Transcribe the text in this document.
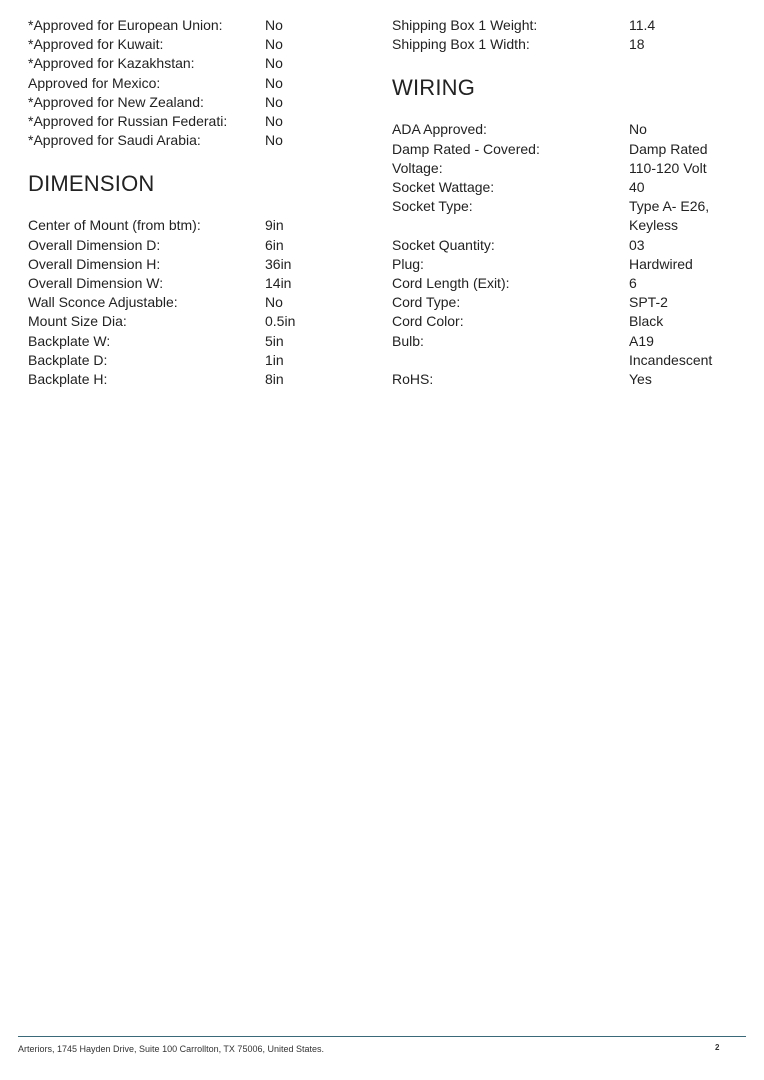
*Approved for European Union:	No
*Approved for Kuwait:	No
*Approved for Kazakhstan:	No
Approved for Mexico:	No
*Approved for New Zealand:	No
*Approved for Russian Federati:	No
*Approved for Saudi Arabia:	No
DIMENSION
Center of Mount (from btm):	9in
Overall Dimension D:	6in
Overall Dimension H:	36in
Overall Dimension W:	14in
Wall Sconce Adjustable:	No
Mount Size Dia:	0.5in
Backplate W:	5in
Backplate D:	1in
Backplate H:	8in
Shipping Box 1 Weight:	11.4
Shipping Box 1 Width:	18
WIRING
ADA Approved:	No
Damp Rated - Covered:	Damp Rated
Voltage:	110-120 Volt
Socket Wattage:	40
Socket Type:	Type A- E26,
Keyless
Socket Quantity:	03
Plug:	Hardwired
Cord Length (Exit):	6
Cord Type:	SPT-2
Cord Color:	Black
Bulb:	A19
Incandescent
RoHS:	Yes
Arteriors, 1745 Hayden Drive, Suite 100 Carrollton, TX 75006, United States.	2
